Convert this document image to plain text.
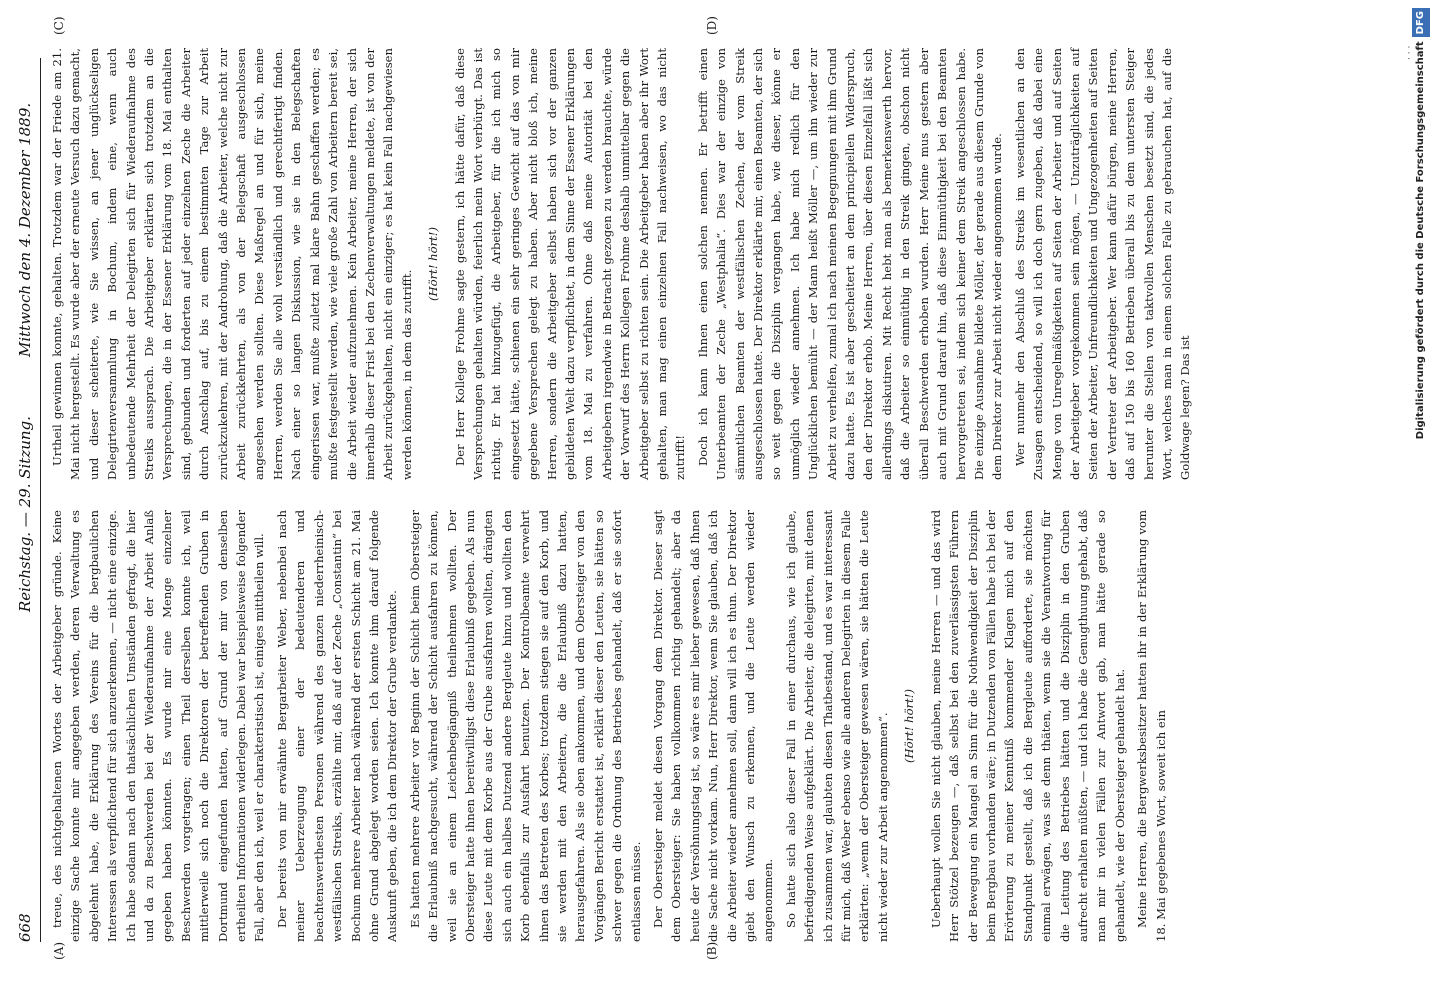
668
Reichstag. — 29. Sitzung.
Mittwoch den 4. Dezember 1889.
(A)	(B)
(C)	(D)

treue, des nichtgehaltenen Wortes der Arbeitgeber gründe. Keine einzige Sache konnte mir angegeben werden, deren Verwaltung es abgelehnt habe, die Erklärung des Vereins für die bergbaulichen Interessen als verpflichtend für sich anzuerkennen, — nicht eine einzige. Ich habe sodann nach den thatsächlichen Umständen gefragt, die hier und da zu Beschwerden bei der Wiederaufnahme der Arbeit Anlaß gegeben haben könnten. Es wurde mir eine Menge einzelner Beschwerden vorgetragen; einen Theil derselben konnte ich, weil mittlerweile sich noch die Direktoren der betreffenden Gruben in Dortmund eingefunden hatten, auf Grund der mir von denselben ertheilten Informationen widerlegen. Dabei war beispielsweise folgender Fall, aber den ich, weil er charakteristisch ist, einiges mittheilen will. Der bereits von mir erwähnte Bergarbeiter Weber, nebenbei nach meiner Ueberzeugung einer der bedeutenderen und beachtenswerthesten Personen während des ganzen niederrheinisch-westfälischen Streiks, erzählte mir, daß auf der Zeche „Constantin“ bei Bochum mehrere Arbeiter nach während der ersten Schicht am 21. Mai ohne Grund abgelegt worden seien. Ich konnte ihm darauf folgende Auskunft geben, die ich dem Direktor der Grube verdankte. Es hatten mehrere Arbeiter vor Beginn der Schicht beim Obersteiger die Erlaubniß nachgesucht, während der Schicht ausfahren zu können, weil sie an einem Leichenbegängniß theilnehmen wollten. Der Obersteiger hatte ihnen bereitwilligst diese Erlaubniß gegeben. Als nun diese Leute mit dem Korbe aus der Grube ausfahren wollten, drängten sich auch ein halbes Dutzend andere Bergleute hinzu und wollten den Korb ebenfalls zur Ausfahrt benutzen. Der Kontrolbeamte verwehrt ihnen das Betreten des Korbes; trotzdem stiegen sie auf den Korb, und sie werden mit den Arbeitern, die die Erlaubniß dazu hatten, herausgefahren. Als sie oben ankommen, und dem Obersteiger von den Vorgängen Bericht erstattet ist, erklärt dieser den Leuten, sie hätten so schwer gegen die Ordnung des Betriebes gehandelt, daß er sie sofort entlassen müsse. Der Obersteiger meldet diesen Vorgang dem Direktor. Dieser sagt dem Obersteiger: Sie haben vollkommen richtig gehandelt; aber da heute der Versöhnungstag ist, so wäre es mir lieber gewesen, daß Ihnen die Sache nicht vorkam. Nun, Herr Direktor, wenn Sie glauben, daß ich die Arbeiter wieder annehmen soll, dann will ich es thun. Der Direktor giebt den Wunsch zu erkennen, und die Leute werden wieder angenommen. So hatte sich also dieser Fall in einer durchaus, wie ich glaube, befriedigenden Weise aufgeklärt. Die Arbeiter, die delegirten, mit denen ich zusammen war, glaubten diesen Thatbestand, und es war interessant für mich, daß Weber ebenso wie alle anderen Delegirten in diesem Falle erklärten: „wenn der Obersteiger gewesen wären, sie hätten die Leute nicht wieder zur Arbeit angenommen“. (Hört! hört!) Ueberhaupt wollen Sie nicht glauben, meine Herren — und das wird Herr Stötzel bezeugen —, daß selbst bei den zuverlässigsten Führern der Bewegung ein Mangel an Sinn für die Nothwendigkeit der Disziplin beim Bergbau vorhanden wäre; in Dutzenden von Fällen habe ich bei der Erörterung zu meiner Kenntniß kommender Klagen mich auf den Standpunkt gestellt, daß ich die Bergleute aufforderte, sie möchten einmal erwägen, was sie denn thäten, wenn sie die Verantwortung für die Leitung des Betriebes hätten und die Disziplin in den Gruben aufrecht erhalten müßten, — und ich habe die Genugthuung gehabt, daß man mir in vielen Fällen zur Antwort gab, man hätte gerade so gehandelt, wie der Obersteiger gehandelt hat. Meine Herren, die Bergwerksbesitzer hatten ihr in der Erklärung vom 18. Mai gegebenes Wort, soweit ich ein

Urtheil gewinnen konnte, gehalten. Trotzdem war der Friede am 21. Mai nicht hergestellt. Es wurde aber der erneute Versuch dazu gemacht, und dieser scheiterte, wie Sie wissen, an jener unglückseligen Delegirtenversammlung in Bochum, indem eine, wenn auch unbedeutende Mehrheit der Delegirten sich für Wiederaufnahme des Streiks aussprach. Die Arbeitgeber erklärten sich trotzdem an die Versprechungen, die in der Essener Erklärung vom 18. Mai enthalten sind, gebunden und forderten auf jeder einzelnen Zeche die Arbeiter durch Anschlag auf, bis zu einem bestimmten Tage zur Arbeit zurückzukehren, mit der Androhung, daß die Arbeiter, welche nicht zur Arbeit zurückkehrten, als von der Belegschaft ausgeschlossen angesehen werden sollten. Diese Maßregel an und für sich, meine Herren, werden Sie alle wohl verständlich und gerechtfertigt finden. Nach einer so langen Diskussion, wie sie in den Belegschaften eingerissen war, mußte zuletzt mal klare Bahn geschaffen werden; es mußte festgestellt werden, wie viele große Zahl von Arbeitern bereit sei, die Arbeit wieder aufzunehmen. Kein Arbeiter, meine Herren, der sich innerhalb dieser Frist bei den Zechenverwaltungen meldete, ist von der Arbeit zurückgehalten, nicht ein einziger; es hat kein Fall nachgewiesen werden können, in dem das zutrifft.

(Hört! hört!) Der Herr Kollege Frohme sagte gestern, ich hätte dafür, daß diese Versprechungen gehalten würden, feierlich mein Wort verbürgt. Das ist richtig. Er hat hinzugefügt, die Arbeitgeber, für die ich mich so eingesetzt hätte, schienen ein sehr geringes Gewicht auf das von mir gegebene Versprechen gelegt zu haben. Aber nicht bloß ich, meine Herren, sondern die Arbeitgeber selbst haben sich vor der ganzen gebildeten Welt dazu verpflichtet, in dem Sinne der Essener Erklärungen vom 18. Mai zu verfahren. Ohne daß meine Autorität bei den Arbeitgebern irgendwie in Betracht gezogen zu werden brauchte, würde der Vorwurf des Herrn Kollegen Frohme deshalb unmittelbar gegen die Arbeitgeber selbst zu richten sein. Die Arbeitgeber haben aber ihr Wort gehalten, man mag einen einzelnen Fall nachweisen, wo das nicht zutrifft! Doch ich kann Ihnen einen solchen nennen. Er betrifft einen Unterbeamten der Zeche „Westphalia“. Dies war der einzige von sämmtlichen Beamten der westfälischen Zechen, der vom Streik ausgeschlossen hatte. Der Direktor erklärte mir, einen Beamten, der sich so weit gegen die Disziplin vergangen habe, wie dieser, könne er unmöglich wieder annehmen. Ich habe mich redlich für den Unglücklichen bemüht — der Mann heißt Möller —, um ihn wieder zur Arbeit zu verhelfen, zumal ich nach meinen Begegnungen mit ihm Grund dazu hatte. Es ist aber gescheitert an dem principiellen Widerspruch, den der Direktor erhob. Meine Herren, über diesen Einzelfall läßt sich allerdings diskutiren. Mit Recht hebt man als bemerkenswerth hervor, daß die Arbeiter so einmüthig in den Streik gingen, obschon nicht überall Beschwerden erhoben wurden. Herr Meine mus gestern aber auch mit Grund darauf hin, daß diese Einmüthigkeit bei den Beamten hervorgetreten sei, indem sich keiner dem Streik angeschlossen habe. Die einzige Ausnahme bildete Möller, der gerade aus diesem Grunde von dem Direktor zur Arbeit nicht wieder angenommen wurde. Wer nunmehr den Abschluß des Streiks im wesentlichen an den Zusagen entscheidend, so will ich doch gern zugeben, daß dabei eine Menge von Unregelmäßigkeiten auf Seiten der Arbeiter und auf Seiten der Arbeitgeber vorgekommen sein mögen, — Unzuträglichkeiten auf Seiten der Arbeiter, Unfreundlichkeiten und Ungezogenheiten auf Seiten der Vertreter der Arbeitgeber. Wer kann dafür bürgen, meine Herren, daß auf 150 bis 160 Betrieben überall bis zu dem untersten Steiger herunter die Stellen von taktvollen Menschen besetzt sind, die jedes Wort, welches man in einem solchen Falle zu gebrauchen hat, auf die Goldwage legen? Das ist

· · · Digitalisierung gefördert durch die Deutsche ForschungsgemeinschaftDFG
